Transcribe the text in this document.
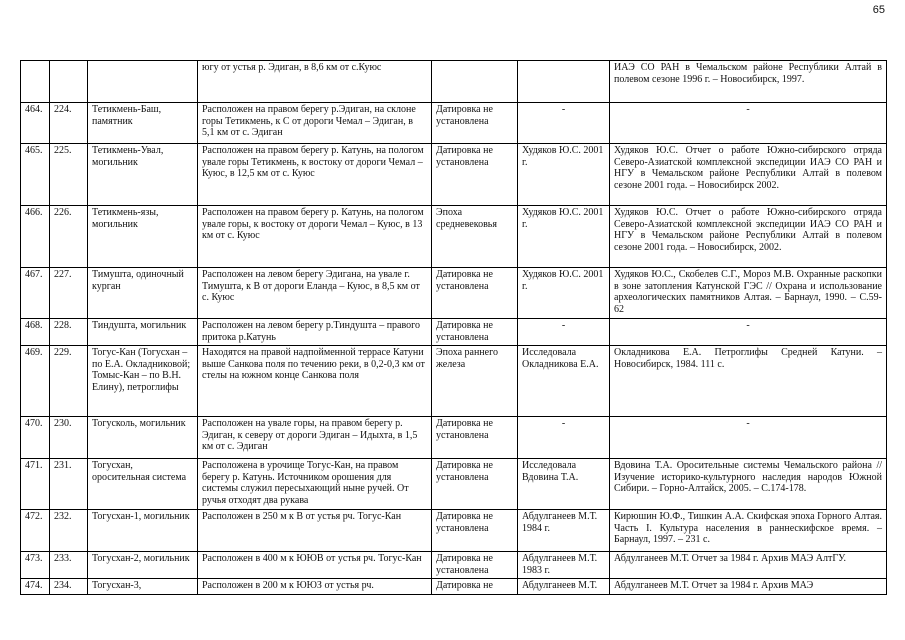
65
			югу от устья р. Эдиган, в 8,6 км от с.Куюс			ИАЭ СО РАН в Чемальском районе Республики Алтай в полевом сезоне 1996 г. – Новосибирск, 1997.
464.	224.	Тетикмень-Баш, памятник	Расположен на правом берегу р.Эдиган, на склоне горы Тетикмень, к С от дороги Чемал – Эдиган, в 5,1 км от с. Эдиган	Датировка не установлена	-	-
465.	225.	Тетикмень-Увал, могильник	Расположен на правом берегу р. Катунь, на пологом увале горы Тетикмень, к востоку от дороги Чемал – Куюс, в 12,5 км от с. Куюс	Датировка не установлена	Худяков Ю.С. 2001 г.	Худяков Ю.С. Отчет о работе Южно-сибирского отряда Северо-Азиатской комплексной экспедиции ИАЭ СО РАН и НГУ в Чемальском районе Республики Алтай в полевом сезоне 2001 года. – Новосибирск 2002.
466.	226.	Тетикмень-язы, могильник	Расположен на правом берегу р. Катунь, на пологом увале горы, к востоку от дороги Чемал – Куюс, в 13 км от с. Куюс	Эпоха средневековья	Худяков Ю.С. 2001 г.	Худяков Ю.С. Отчет о работе Южно-сибирского отряда Северо-Азиатской комплексной экспедиции ИАЭ СО РАН и НГУ в Чемальском районе Республики Алтай в полевом сезоне 2001 года. – Новосибирск, 2002.
467.	227.	Тимушта, одиночный курган	Расположен на левом берегу Эдигана, на увале г. Тимушта, к В от дороги Еланда – Куюс, в 8,5 км от с. Куюс	Датировка не установлена	Худяков Ю.С. 2001 г.	Худяков Ю.С., Скобелев С.Г., Мороз М.В. Охранные раскопки в зоне затопления Катунской ГЭС // Охрана и использование археологических памятников Алтая. – Барнаул, 1990. – С.59-62
468.	228.	Тиндушта, могильник	Расположен на левом берегу р.Тиндушта – правого притока р.Катунь	Датировка не установлена	-	-
469.	229.	Тогус-Кан (Тогусхан – по Е.А. Окладниковой; Томыс-Кан – по В.Н. Елину), петроглифы	Находятся на правой надпойменной террасе Катуни выше Санкова поля по течению реки, в 0,2-0,3 км от стелы на южном конце Санкова поля	Эпоха раннего железа	Исследовала Окладникова Е.А.	Окладникова Е.А. Петроглифы Средней Катуни. – Новосибирск, 1984. 111 с.
470.	230.	Тогусколь, могильник	Расположен на увале горы, на правом берегу р. Эдиган, к северу от дороги Эдиган – Идыхта, в 1,5 км от с. Эдиган	Датировка не установлена	-	-
471.	231.	Тогусхан, оросительная система	Расположена в урочище Тогус-Кан, на правом берегу р. Катунь. Источником орошения для системы служил пересыхающий ныне ручей. От ручья отходят два рукава	Датировка не установлена	Исследовала Вдовина Т.А.	Вдовина Т.А. Оросительные системы Чемальского района // Изучение историко-культурного наследия народов Южной Сибири. – Горно-Алтайск, 2005. – С.174-178.
472.	232.	Тогусхан-1, могильник	Расположен в 250 м к В от устья рч. Тогус-Кан	Датировка не установлена	Абдулганеев М.Т. 1984 г.	Кирюшин Ю.Ф., Тишкин А.А. Скифская эпоха Горного Алтая. Часть I. Культура населения в раннескифское время. – Барнаул, 1997. – 231 с.
473.	233.	Тогусхан-2, могильник	Расположен в 400 м к ЮЮВ от устья рч. Тогус-Кан	Датировка не установлена	Абдулганеев М.Т. 1983 г.	Абдулганеев М.Т. Отчет за 1984 г. Архив МАЭ АлтГУ.
474.	234.	Тогусхан-3,	Расположен в 200 м к ЮЮЗ от устья рч.	Датировка не	Абдулганеев М.Т.	Абдулганеев М.Т. Отчет за 1984 г. Архив МАЭ
